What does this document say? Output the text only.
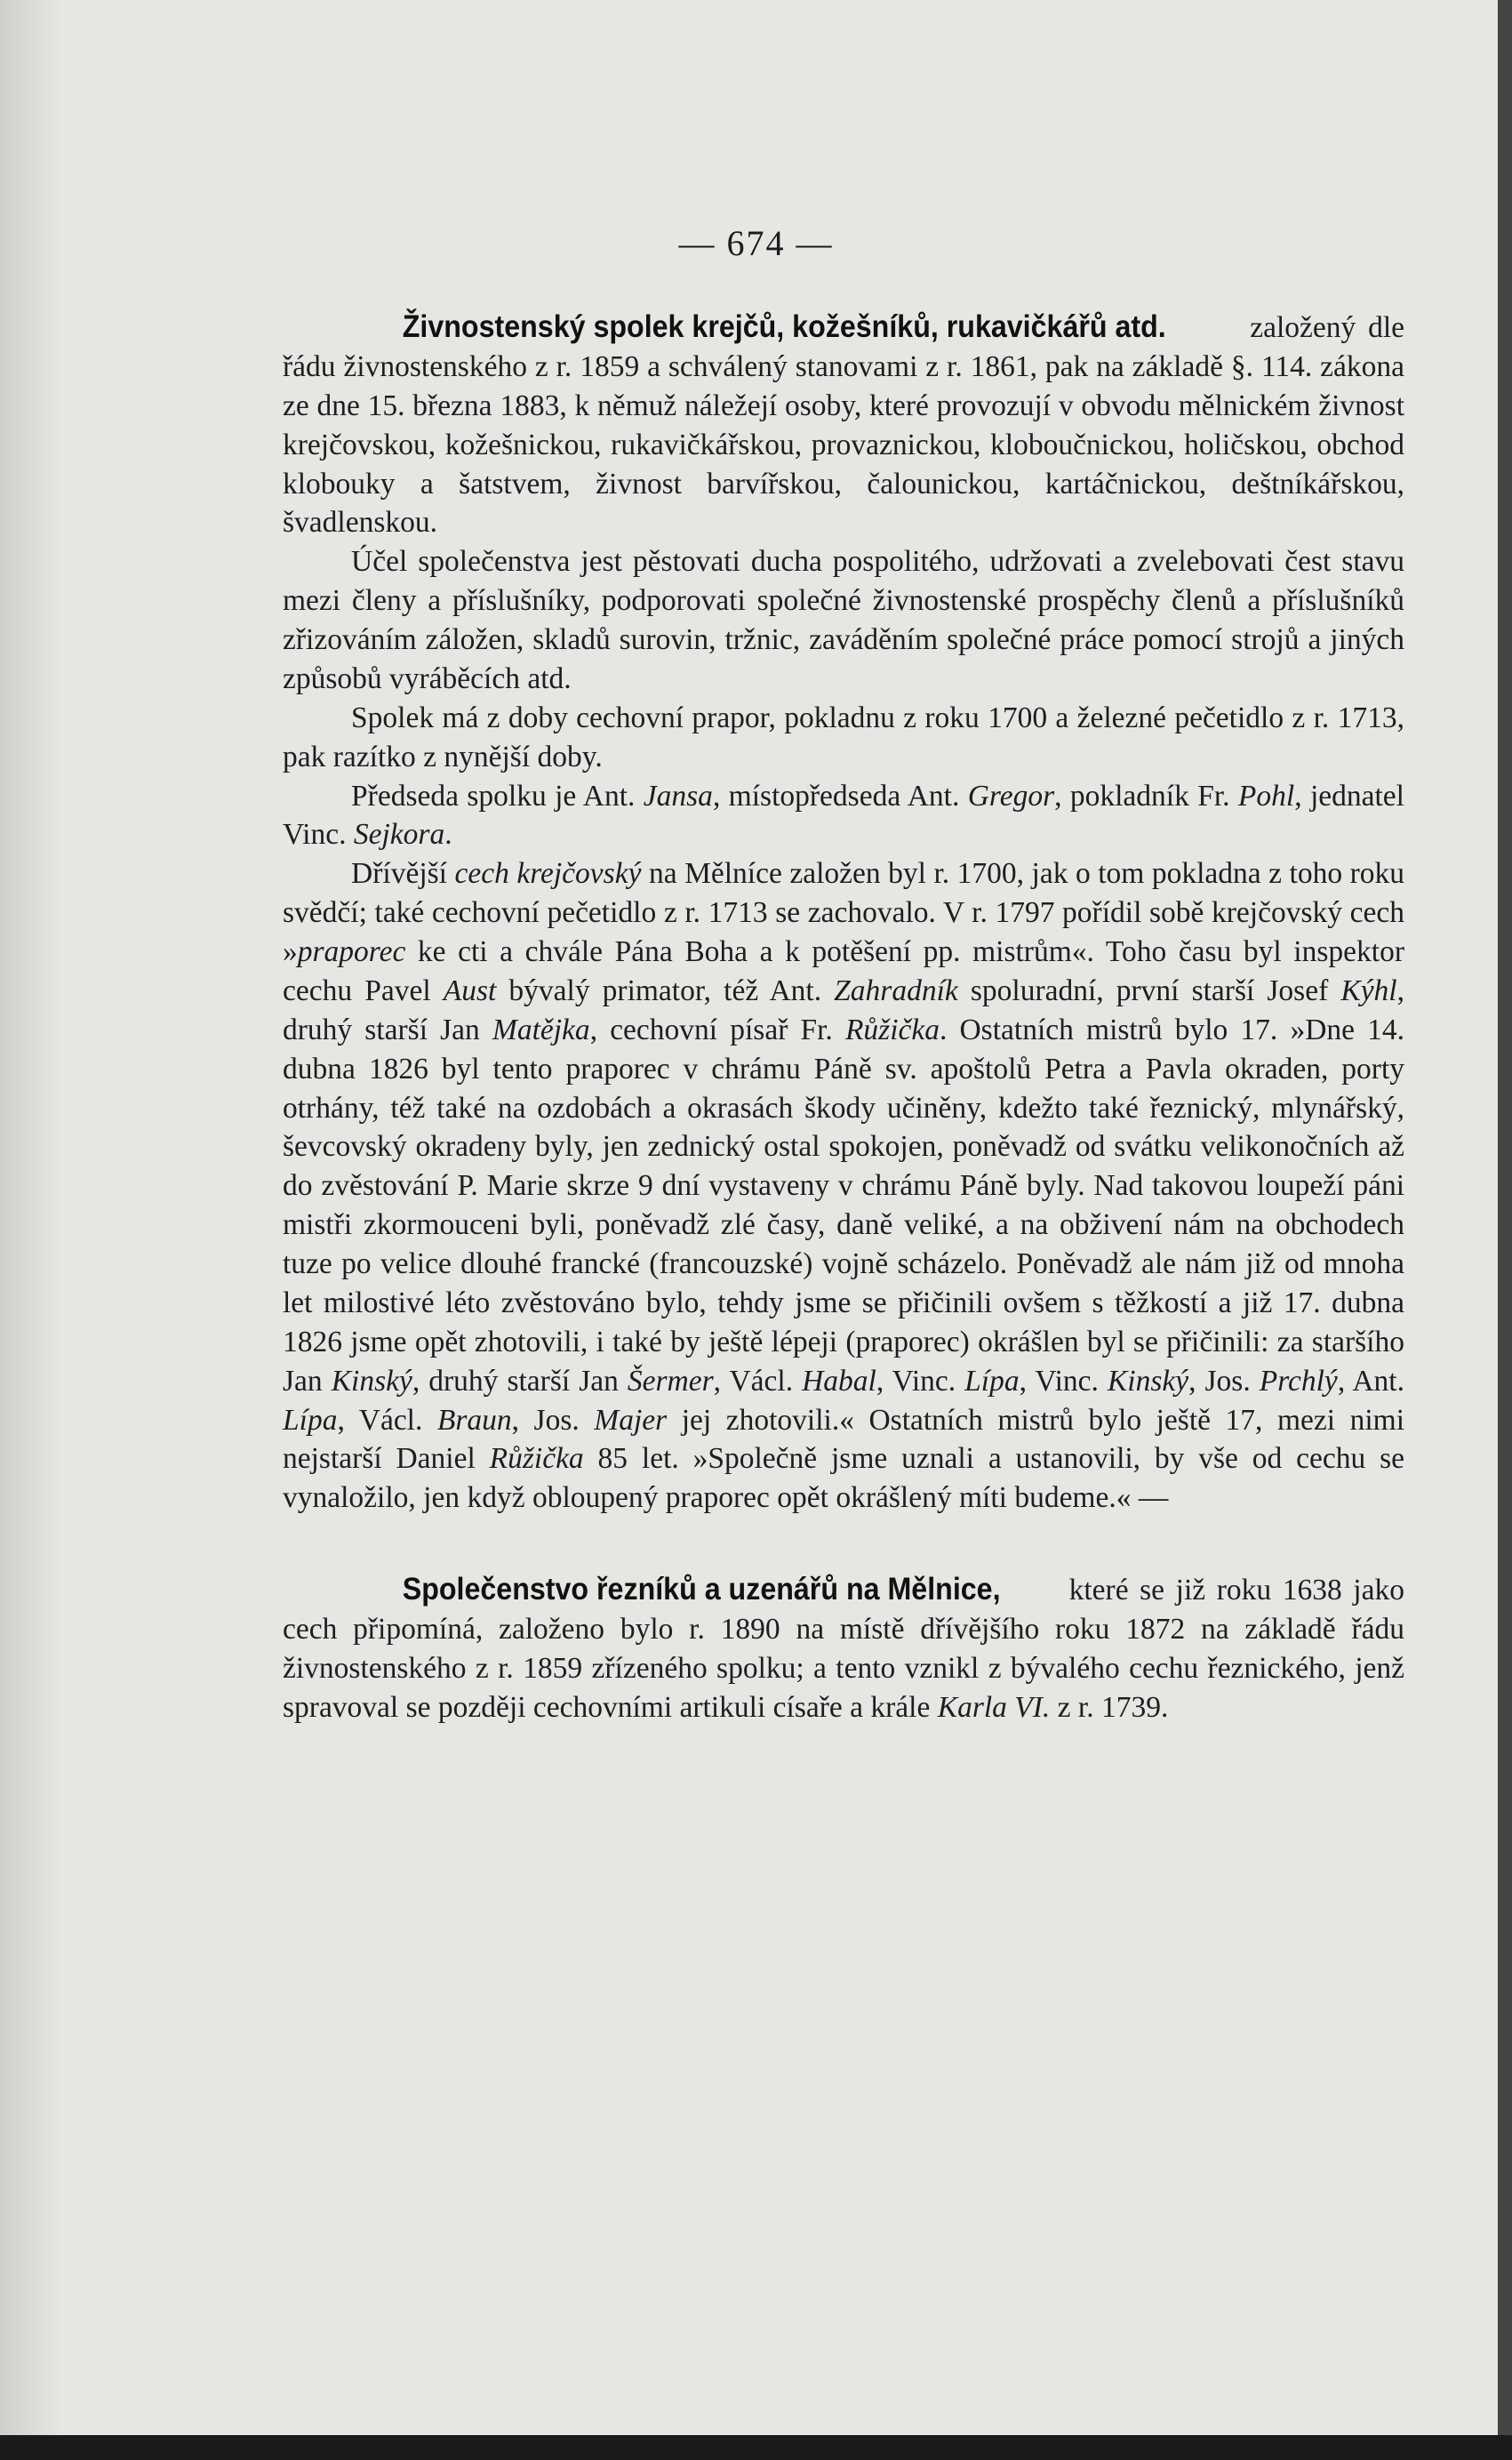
— 674 —

Živnostenský spolek krejčů, kožešníků, rukavičkářů atd.	založený dle řádu živnostenského z r. 1859 a schválený stanovami z r. 1861, pak na základě §. 114. zákona ze dne 15. března 1883, k němuž náležejí osoby, které provozují v obvodu mělnickém živnost krejčovskou, kožešnickou, rukavičkářskou, provaznickou, kloboučnickou, holičskou, obchod klobouky a šatstvem, živnost barvířskou, čalounickou, kartáčnickou, deštníkářskou, švadlenskou.

Účel společenstva jest pěstovati ducha pospolitého, udržovati a zvelebovati čest stavu mezi členy a příslušníky, podporovati společné živnostenské prospěchy členů a příslušníků zřizováním záložen, skladů surovin, tržnic, zaváděním společné práce pomocí strojů a jiných způsobů vyráběcích atd.

Spolek má z doby cechovní prapor, pokladnu z roku 1700 a železné pečetidlo z r. 1713, pak razítko z nynější doby.

Předseda spolku je Ant. Jansa, místopředseda Ant. Gregor, pokladník Fr. Pohl, jednatel Vinc. Sejkora.

Dřívější cech krejčovský na Mělníce založen byl r. 1700, jak o tom pokladna z toho roku svědčí; také cechovní pečetidlo z r. 1713 se zachovalo. V r. 1797 pořídil sobě krejčovský cech »praporec ke cti a chvále Pána Boha a k potěšení pp. mistrům«. Toho času byl inspektor cechu Pavel Aust bývalý primator, též Ant. Zahradník spoluradní, první starší Josef Kýhl, druhý starší Jan Matějka, cechovní písař Fr. Růžička. Ostatních mistrů bylo 17. »Dne 14. dubna 1826 byl tento praporec v chrámu Páně sv. apoštolů Petra a Pavla okraden, porty otrhány, též také na ozdobách a okrasách škody učiněny, kdežto také řeznický, mlynářský, ševcovský okradeny byly, jen zednický ostal spokojen, poněvadž od svátku velikonočních až do zvěstování P. Marie skrze 9 dní vystaveny v chrámu Páně byly. Nad takovou loupeží páni mistři zkormouceni byli, poněvadž zlé časy, daně veliké, a na obživení nám na obchodech tuze po velice dlouhé francké (francouzské) vojně scházelo. Poněvadž ale nám již od mnoha let milostivé léto zvěstováno bylo, tehdy jsme se přičinili ovšem s těžkostí a již 17. dubna 1826 jsme opět zhotovili, i také by ještě lépeji (praporec) okrášlen byl se přičinili: za staršího Jan Kinský, druhý starší Jan Šermer, Václ. Habal, Vinc. Lípa, Vinc. Kinský, Jos. Prchlý, Ant. Lípa, Václ. Braun, Jos. Majer jej zhotovili.« Ostatních mistrů bylo ještě 17, mezi nimi nejstarší Daniel Růžička 85 let. »Společně jsme uznali a ustanovili, by vše od cechu se vynaložilo, jen když obloupený praporec opět okrášlený míti budeme.« —

Společenstvo řezníků a uzenářů na Mělnice, které se již roku 1638 jako cech připomíná, založeno bylo r. 1890 na místě dřívějšího roku 1872 na základě řádu živnostenského z r. 1859 zřízeného spolku; a tento vznikl z bývalého cechu řeznického, jenž spravoval se později cechovními artikuli císaře a krále Karla VI. z r. 1739.
